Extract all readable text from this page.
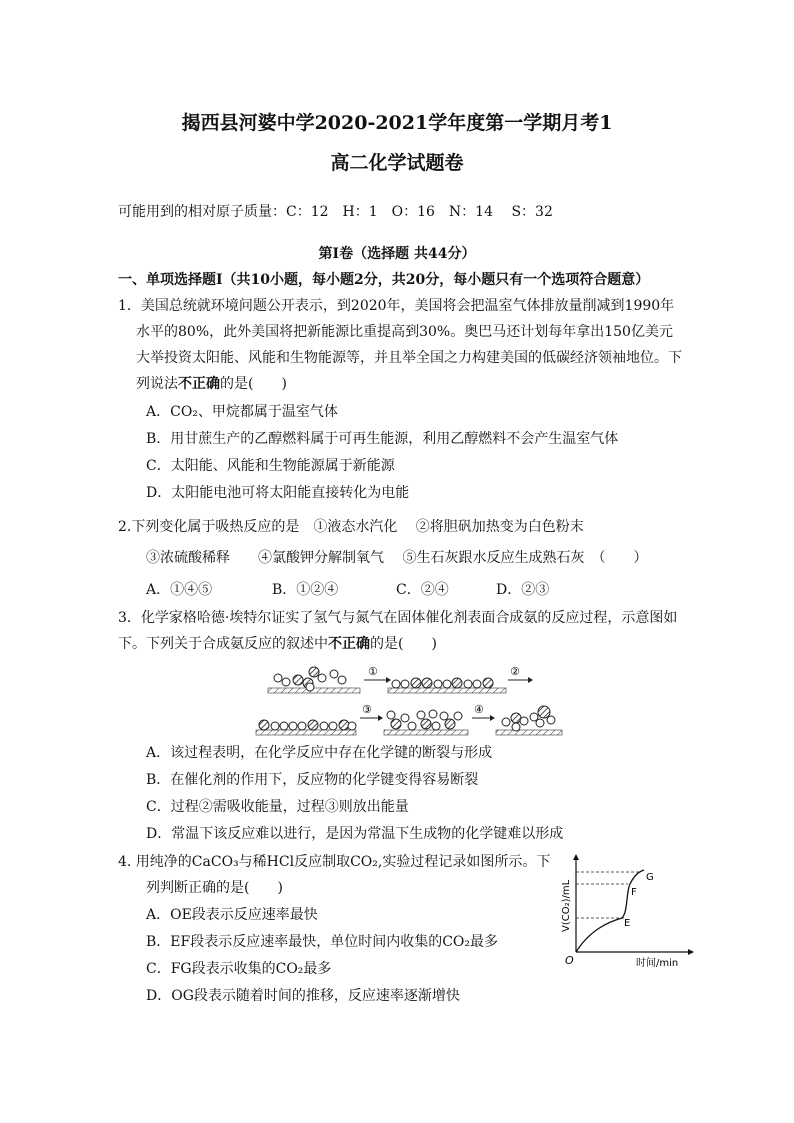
揭西县河婆中学2020-2021学年度第一学期月考1
高二化学试题卷
可能用到的相对原子质量：C：12　H：1　O：16　N：14　 S：32
第Ⅰ卷（选择题 共44分）
一、单项选择题Ⅰ（共10小题，每小题2分，共20分，每小题只有一个选项符合题意）
1．美国总统就环境问题公开表示，到2020年，美国将会把温室气体排放量削减到1990年
水平的80%，此外美国将把新能源比重提高到30%。奥巴马还计划每年拿出150亿美元
大举投资太阳能、风能和生物能源等，并且举全国之力构建美国的低碳经济领袖地位。下
列说法不正确的是(　　)
A．CO₂、甲烷都属于温室气体
B．用甘蔗生产的乙醇燃料属于可再生能源，利用乙醇燃料不会产生温室气体
C．太阳能、风能和生物能源属于新能源
D．太阳能电池可将太阳能直接转化为电能
2.下列变化属于吸热反应的是　①液态水汽化　 ②将胆矾加热变为白色粉末
③浓硫酸稀释　　④氯酸钾分解制氧气　 ⑤生石灰跟水反应生成熟石灰　（　　）
A．①④⑤	B．①②④	C．②④	D．②③
3．化学家格哈德·埃特尔证实了氢气与氮气在固体催化剂表面合成氨的反应过程，示意图如
下。下列关于合成氨反应的叙述中不正确的是(　　)
①	②
③	④
A．该过程表明，在化学反应中存在化学键的断裂与形成
B．在催化剂的作用下，反应物的化学键变得容易断裂
C．过程②需吸收能量，过程③则放出能量
D．常温下该反应难以进行，是因为常温下生成物的化学键难以形成
4. 用纯净的CaCO₃与稀HCl反应制取CO₂,实验过程记录如图所示。下
列判断正确的是(　　)
A．OE段表示反应速率最快
B．EF段表示反应速率最快，单位时间内收集的CO₂最多
C．FG段表示收集的CO₂最多
D．OG段表示随着时间的推移，反应速率逐渐增快
O
E
F
G
时间/min
V(CO₂)/mL
